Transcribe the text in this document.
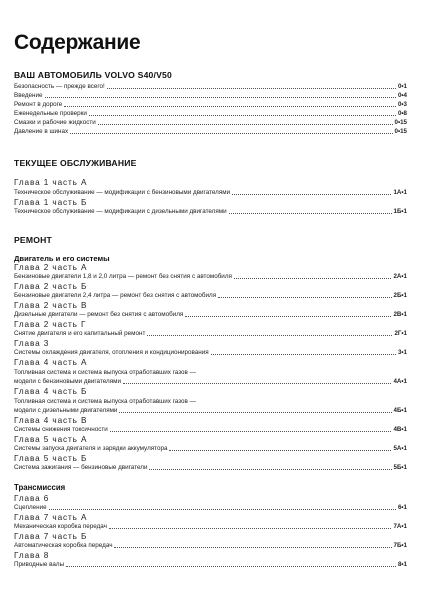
Содержание
ВАШ АВТОМОБИЛЬ VOLVO S40/V50
Безопасность — прежде всего!	0•1
Введение	0•4
Ремонт в дороге	0•3
Еженедельные проверки	0•8
Смазки и рабочие жидкости	0•15
Давление в шинах	0•15
ТЕКУЩЕЕ ОБСЛУЖИВАНИЕ
Глава 1 часть А
Техническое обслуживание — модификации с бензиновыми двигателями	1А•1
Глава 1 часть Б
Техническое обслуживание — модификации с дизельными двигателями	1Б•1
РЕМОНТ
Двигатель и его системы
Глава 2 часть А
Бензиновые двигатели 1,8 и 2,0 литра — ремонт без снятия с автомобиля	2А•1
Глава 2 часть Б
Бензиновые двигатели 2,4 литра — ремонт без снятия с автомобиля	2Б•1
Глава 2 часть В
Дизельные двигатели — ремонт без снятия с автомобиля	2В•1
Глава 2 часть Г
Снятие двигателя и его капитальный ремонт	2Г•1
Глава 3
Системы охлаждения двигателя, отопления и кондиционирования	3•1
Глава 4 часть А
Топливная система и система выпуска отработавших газов —
модели с бензиновыми двигателями	4А•1
Глава 4 часть Б
Топливная система и система выпуска отработавших газов —
модели с дизельными двигателями	4Б•1
Глава 4 часть В
Системы снижения токсичности	4В•1
Глава 5 часть А
Системы запуска двигателя и зарядки аккумулятора	5А•1
Глава 5 часть Б
Система зажигания — бензиновые двигатели	5Б•1
Трансмиссия
Глава 6
Сцепление	6•1
Глава 7 часть А
Механическая коробка передач	7А•1
Глава 7 часть Б
Автоматическая коробка передач	7Б•1
Глава 8
Приводные валы	8•1
